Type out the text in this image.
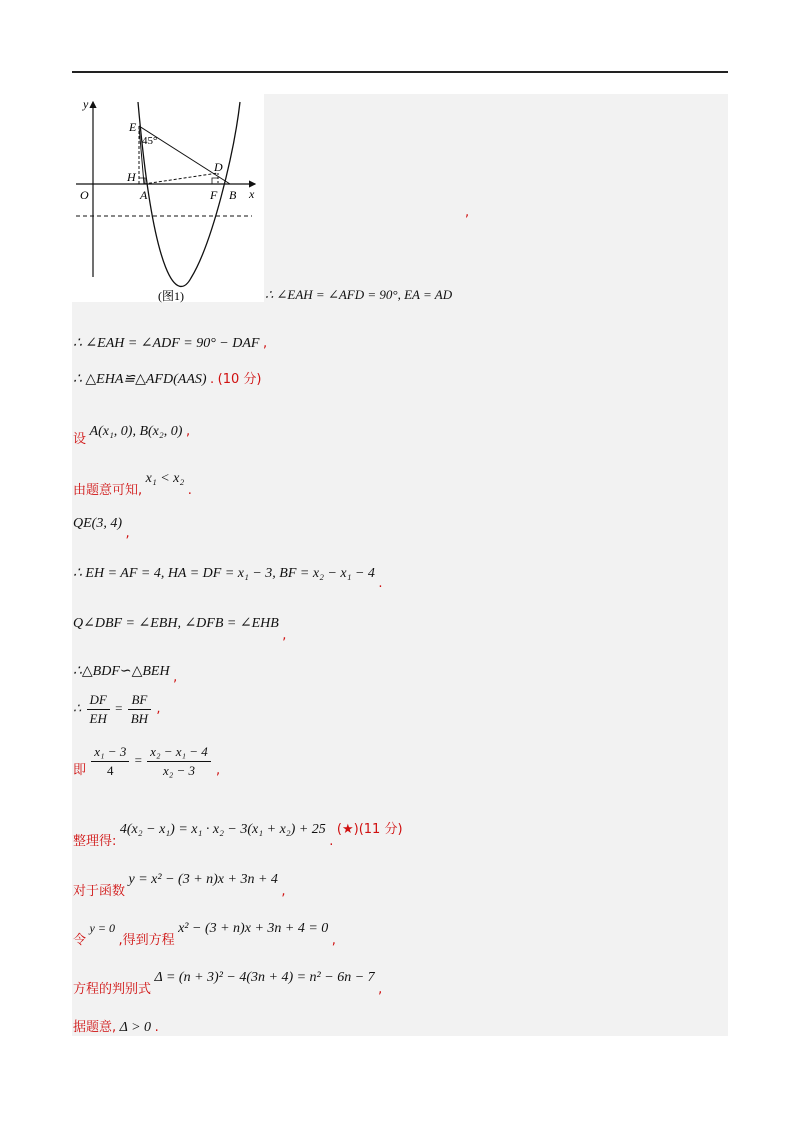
y
x
O
E
45°
H
A
D
F B
(图1)
,
∴ ∠EAH = ∠AFD = 90°, EA = AD
∴ ∠EAH = ∠ADF = 90° − DAF ,
∴ △EHA≌△AFD(AAS) . (10 分)
设 A(x₁, 0), B(x₂, 0) ,
由题意可知, x₁ < x₂ .
QE(3, 4) ,
∴ EH = AF = 4, HA = DF = x₁ − 3, BF = x₂ − x₁ − 4 .
Q∠DBF = ∠EBH, ∠DFB = ∠EHB ,
∴△BDF∽△BEH ,
∴ $\frac{DF}{EH} = \frac{BF}{BH}$ ,
即 $\frac{\text{x₁ − 3}}{4} = \frac{\text{x₂ − x₁ − 4}}{\text{x₂ − 3}}$ ,
整理得: 4(x₂ − x₁) = x₁ · x₂ − 3(x₁ + x₂) + 25 . (★)(11 分)
对于函数 y = x² − (3 + n)x + 3n + 4 ,
令 y = 0 ,得到方程 x² − (3 + n)x + 3n + 4 = 0 ,
方程的判别式 Δ = (n + 3)² − 4(3n + 4) = n² − 6n − 7 ,
据题意, Δ > 0 .
